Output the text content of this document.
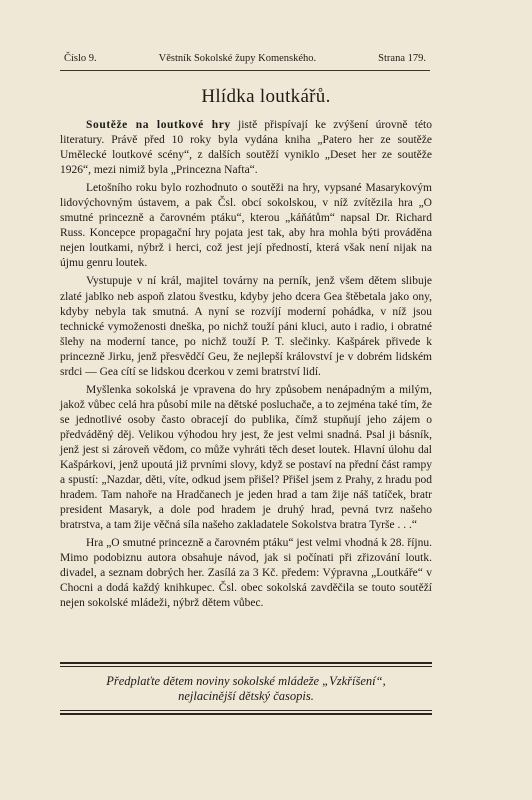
Číslo 9.	Věstník Sokolské župy Komenského.	Strana 179.
Hlídka loutkářů.

Soutěže na loutkové hry jistě přispívají ke zvýšení úrovně této literatury. Právě před 10 roky byla vydána kniha „Patero her ze soutěže Umělecké loutkové scény“, z dalších soutěží vyniklo „Deset her ze soutěže 1926“, mezi nimiž byla „Princezna Nafta“.

Letošního roku bylo rozhodnuto o soutěži na hry, vypsané Masarykovým lidovýchovným ústavem, a pak Čsl. obcí sokolskou, v níž zvítězila hra „O smutné princezně a čarovném ptáku“, kterou „káňátům“ napsal Dr. Richard Russ. Koncepce propagační hry pojata jest tak, aby hra mohla býti prováděna nejen loutkami, nýbrž i herci, což jest její předností, která však není nijak na újmu genru loutek.

Vystupuje v ní král, majitel továrny na perník, jenž všem dětem slibuje zlaté jablko neb aspoň zlatou švestku, kdyby jeho dcera Gea štěbetala jako ony, kdyby nebyla tak smutná. A nyní se rozvíjí moderní pohádka, v níž jsou technické vymoženosti dneška, po nichž touží páni kluci, auto i radio, i obratné šlehy na moderní tance, po nichž touží P. T. slečinky. Kašpárek přivede k princezně Jirku, jenž přesvědčí Geu, že nejlepší království je v dobrém lidském srdci — Gea cítí se lidskou dcerkou v zemi bratrství lidí.

Myšlenka sokolská je vpravena do hry způsobem nenápadným a milým, jakož vůbec celá hra působí mile na dětské posluchače, a to zejména také tím, že se jednotlivé osoby často obracejí do publika, čímž stupňují jeho zájem o předváděný děj. Velikou výhodou hry jest, že jest velmi snadná. Psal ji básník, jenž jest si zároveň vědom, co může vyhráti těch deset loutek. Hlavní úlohu dal Kašpárkovi, jenž upoutá již prvními slovy, když se postaví na přední část rampy a spustí: „Nazdar, děti, víte, odkud jsem přišel? Přišel jsem z Prahy, z hradu pod hradem. Tam nahoře na Hradčanech je jeden hrad a tam žije náš tatíček, bratr president Masaryk, a dole pod hradem je druhý hrad, pevná tvrz našeho bratrstva, a tam žije věčná síla našeho zakladatele Sokolstva bratra Tyrše . . .“

Hra „O smutné princezně a čarovném ptáku“ jest velmi vhodná k 28. říjnu. Mimo podobiznu autora obsahuje návod, jak si počínati při zřizování loutk. divadel, a seznam dobrých her. Zasílá za 3 Kč. předem: Výpravna „Loutkáře“ v Chocni a dodá každý knihkupec. Čsl. obec sokolská zavděčila se touto soutěží nejen sokolské mládeži, nýbrž dětem vůbec.

Předplaťte dětem noviny sokolské mládeže „Vzkříšení“,
nejlacinější dětský časopis.
